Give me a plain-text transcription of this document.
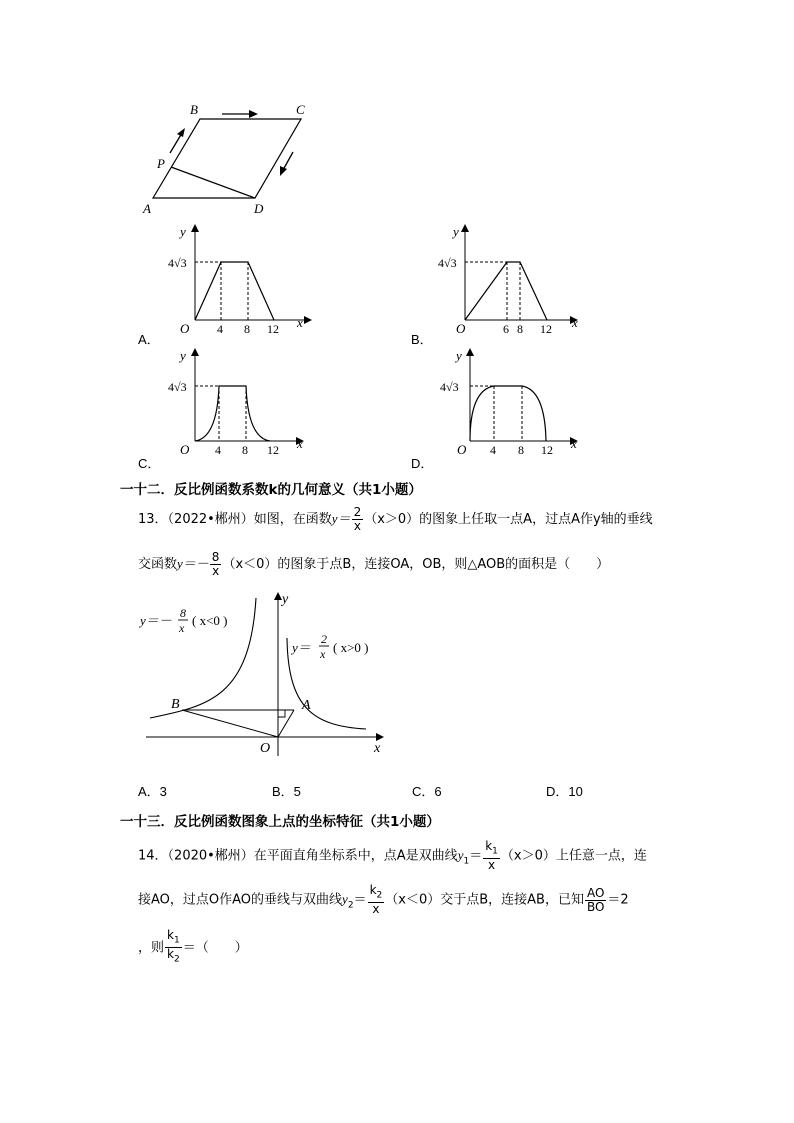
B	C
P
A	D
y
x
O
4√3
4 8 12
A．
y
x
O
4√3
6 8 12
B．
y
x
O
4√3
4 8 12
C．
y
x
O
4√3
4 8 12
D．
一十二．反比例函数系数k的几何意义（共1小题）
13．（2022•郴州）如图，在函数$y= \frac{2}{x} (x>0)$的图象上任取一点A，过点A作y轴的垂线
交函数$y=- \frac{8}{x} (x<0)$的图象于点B，连接OA，OB，则△AOB的面积是（　　）
B	A
O	x
y
y＝－ 8
x ( x<0 )
y＝
2
x ( x>0 )
A．3	B．5	C．6	D．10
一十三．反比例函数图象上点的坐标特征（共1小题）
14．（2020•郴州）在平面直角坐标系中，点A是双曲线$y_1= \frac{k_1}{x} (x>0)$上任意一点，连
接AO，过点O作AO的垂线与双曲线$y_2= \frac{k_2}{x} (x<0)$交于点B，连接AB，已知 $\frac{AO}{BO} =2$
，则 $\frac{k_1}{k_2}$ ＝（　　）
